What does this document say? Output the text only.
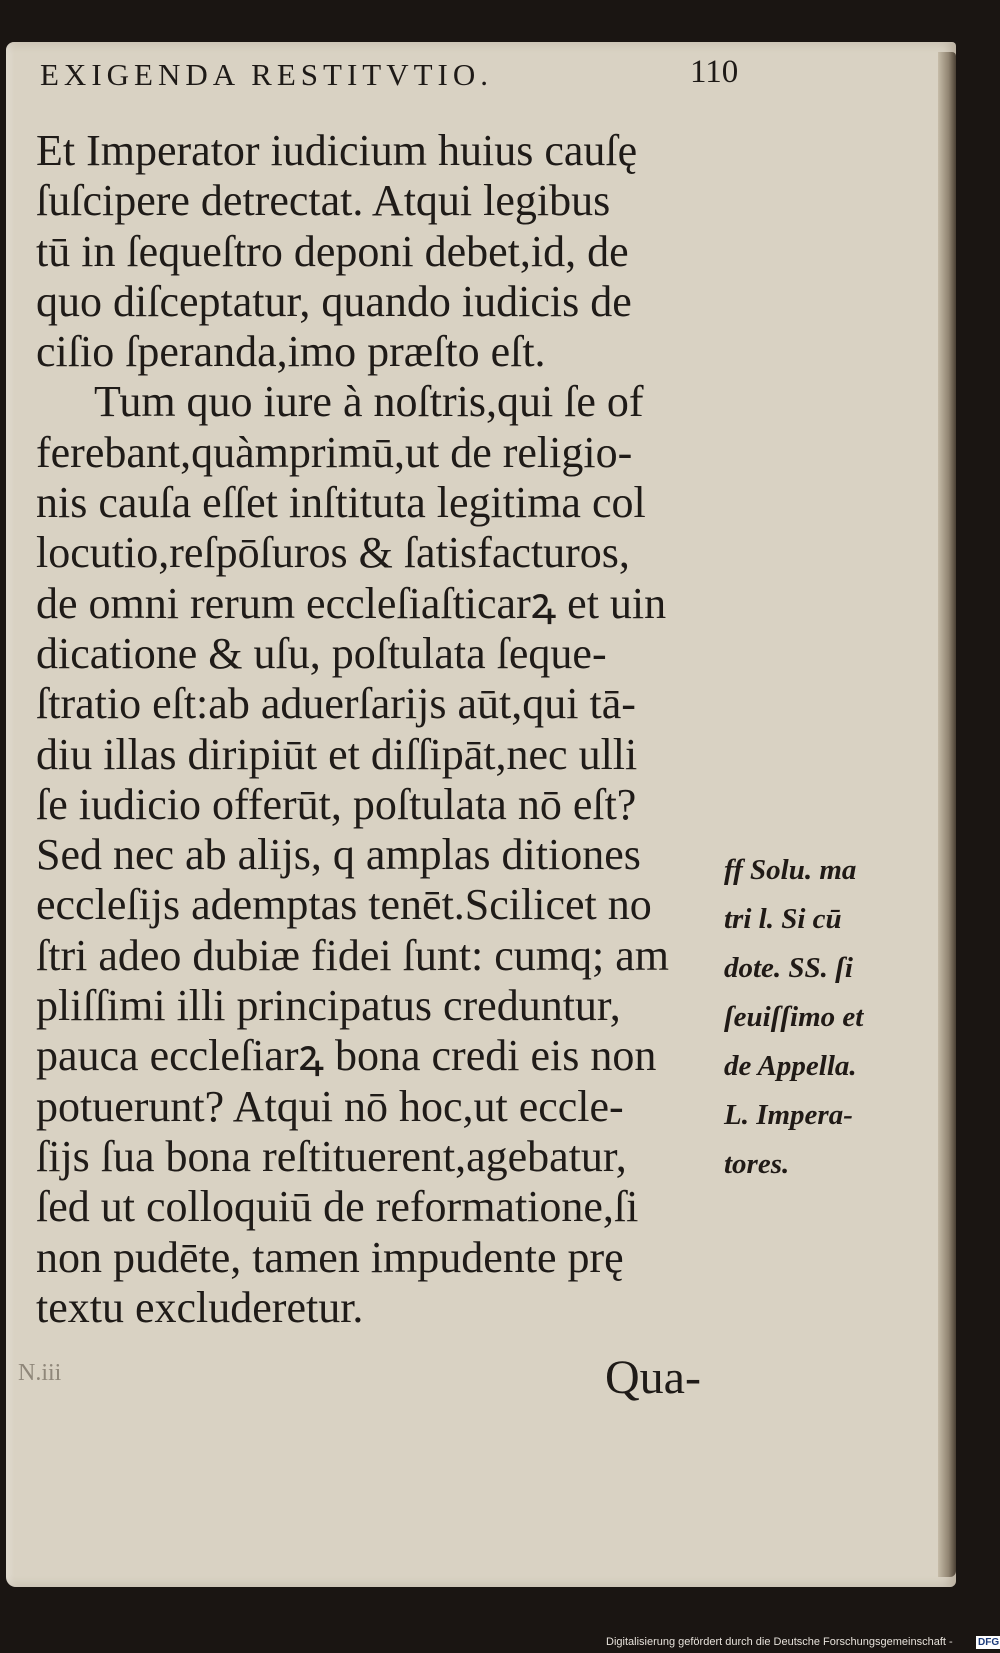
EXIGENDA RESTITVTIO.	110
Et Imperator iudicium huius cauſę
ſuſcipere detrectat. Atqui legibus
tū in ſequeſtro deponi debet,id, de
quo diſceptatur, quando iudicis de
ciſio ſperanda,imo præſto eſt.
Tum quo iure à noſtris,qui ſe of
ferebant,quàmprimū,ut de religio-
nis cauſa eſſet inſtituta legitima col
locutio,reſpōſuros & ſatisfacturos,
de omni rerum eccleſiaſticarꝝ et uin
dicatione & uſu, poſtulata ſeque-
ſtratio eſt:ab aduerſarijs aūt,qui tā-
diu illas diripiūt et diſſipāt,nec ulli
ſe iudicio offerūt, poſtulata nō eſt?
Sed nec ab alijs, q amplas ditiones
eccleſijs ademptas tenēt.Scilicet no
ſtri adeo dubiæ fidei ſunt: cumq; am
pliſſimi illi principatus creduntur,
pauca eccleſiarꝝ bona credi eis non
potuerunt? Atqui nō hoc,ut eccle-
ſijs ſua bona reſtituerent,agebatur,
ſed ut colloquiū de reformatione,ſi
non pudēte, tamen impudente prę
textu excluderetur.
ff Solu. ma
tri l. Si cū
dote. SS. ſi
ſeuiſſimo et
de Appella.
L. Impera-
tores.
N.iii	Qua-
Digitalisierung gefördert durch die Deutsche Forschungsgemeinschaft -	DFG
